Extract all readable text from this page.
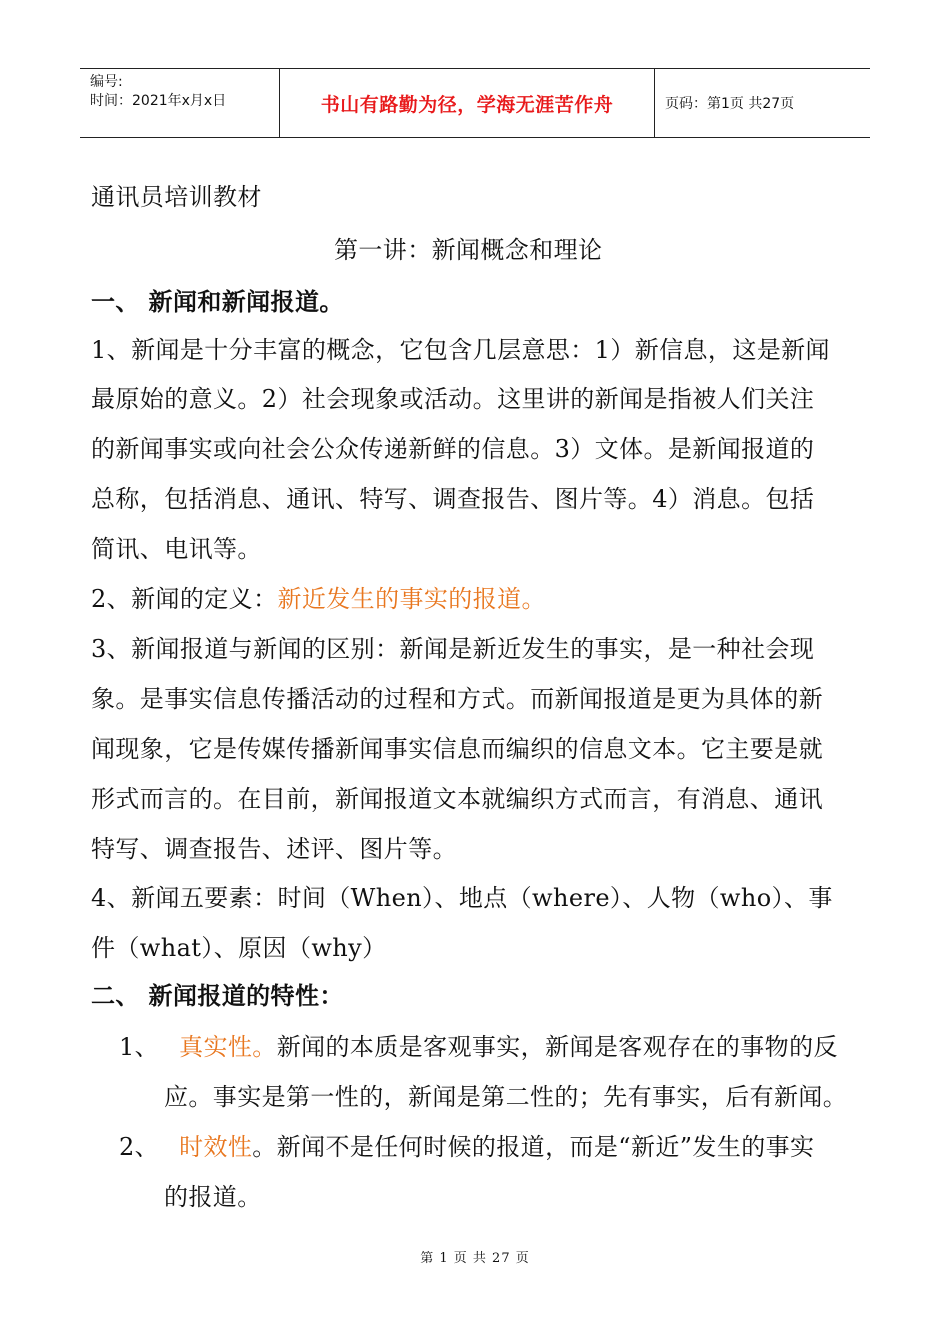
编号:
时间：2021年x月x日	书山有路勤为径，学海无涯苦作舟	页码：第1页 共27页
通讯员培训教材
第一讲：新闻概念和理论
一、 新闻和新闻报道。
1、新闻是十分丰富的概念，它包含几层意思：1）新信息，这是新闻
最原始的意义。2）社会现象或活动。这里讲的新闻是指被人们关注
的新闻事实或向社会公众传递新鲜的信息。3）文体。是新闻报道的
总称，包括消息、通讯、特写、调查报告、图片等。4）消息。包括
简讯、电讯等。
2、新闻的定义：新近发生的事实的报道。
3、新闻报道与新闻的区别：新闻是新近发生的事实，是一种社会现
象。是事实信息传播活动的过程和方式。而新闻报道是更为具体的新
闻现象，它是传媒传播新闻事实信息而编织的信息文本。它主要是就
形式而言的。在目前，新闻报道文本就编织方式而言，有消息、通讯
特写、调查报告、述评、图片等。
4、新闻五要素：时间（When）、地点（where）、人物（who）、事
件（what）、原因（why）
二、 新闻报道的特性：
1、 真实性。新闻的本质是客观事实，新闻是客观存在的事物的反
应。事实是第一性的，新闻是第二性的；先有事实，后有新闻。
2、 时效性。新闻不是任何时候的报道，而是“新近”发生的事实
的报道。
第 1 页 共 27 页
